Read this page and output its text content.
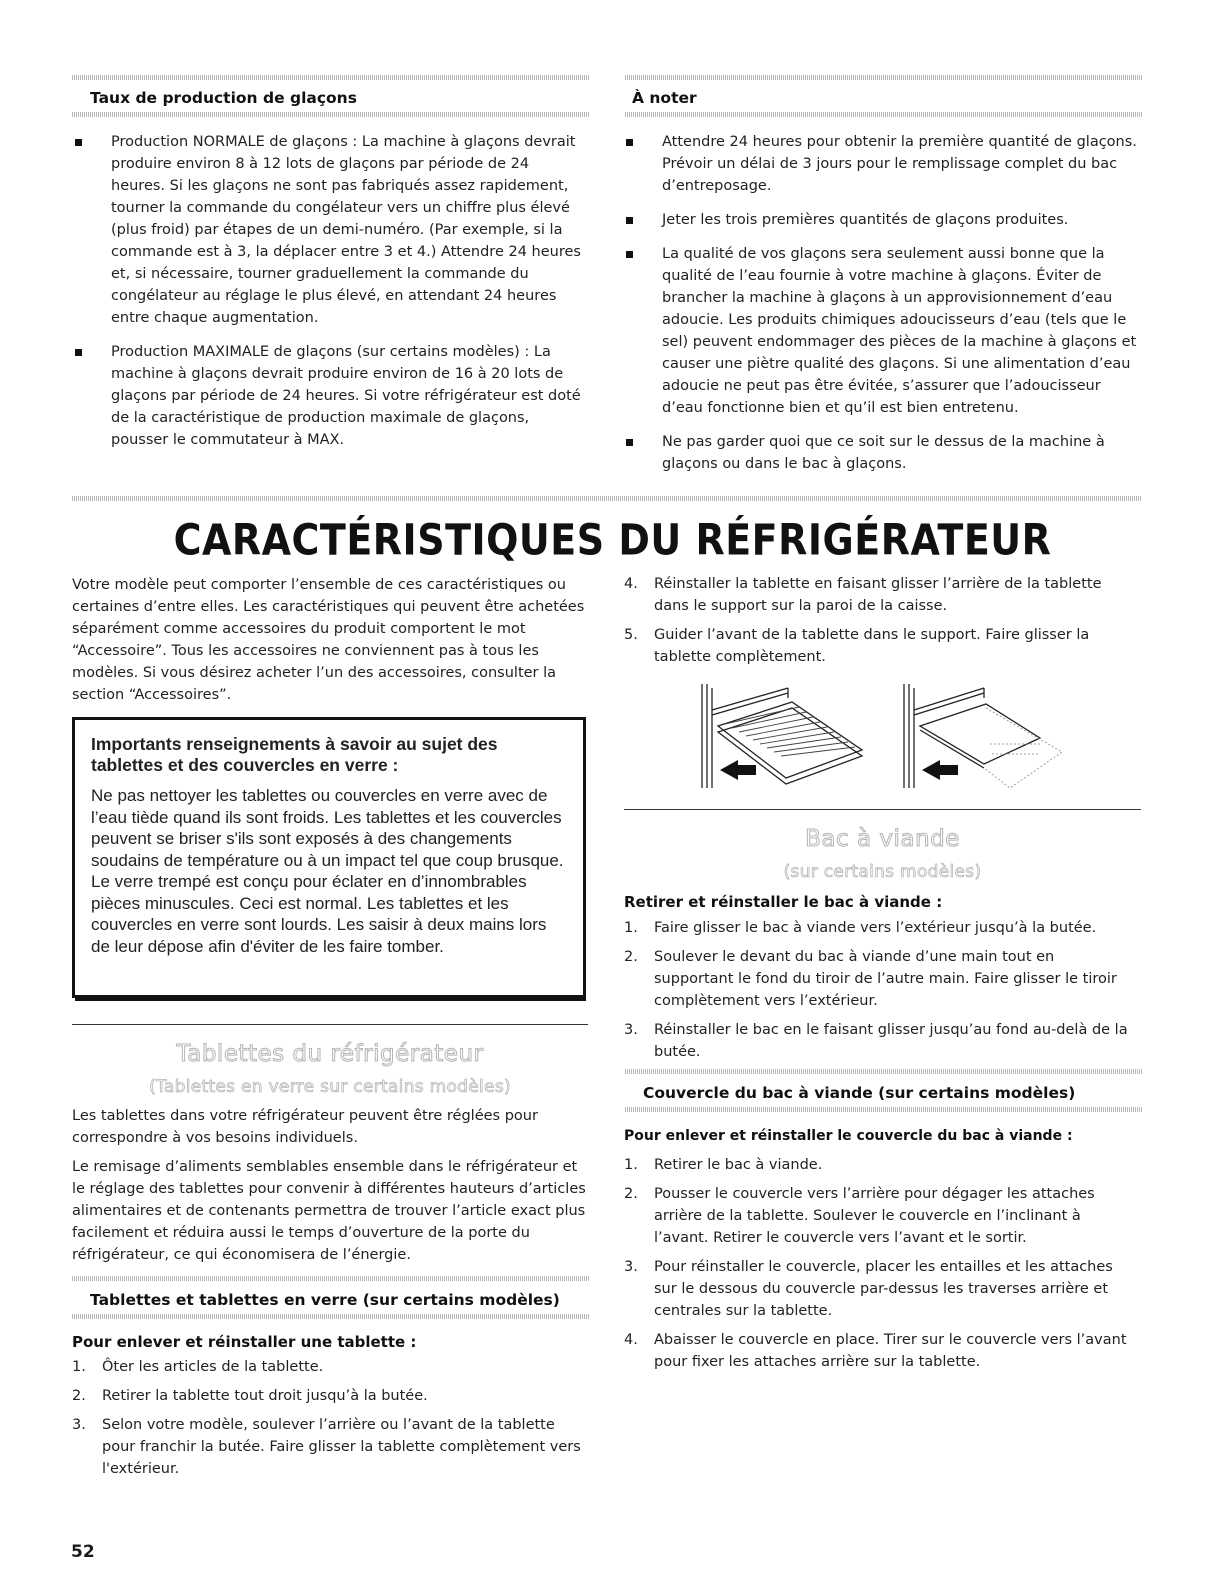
Taux de production de glaçons
Production NORMALE de glaçons : La machine à glaçons devrait produire environ 8 à 12 lots de glaçons par période de 24 heures. Si les glaçons ne sont pas fabriqués assez rapidement, tourner la commande du congélateur vers un chiffre plus élevé (plus froid) par étapes de un demi-numéro. (Par exemple, si la commande est à 3, la déplacer entre 3 et 4.) Attendre 24 heures et, si nécessaire, tourner graduellement la commande du congélateur au réglage le plus élevé, en attendant 24 heures entre chaque augmentation.
Production MAXIMALE de glaçons (sur certains modèles) : La machine à glaçons devrait produire environ de 16 à 20 lots de glaçons par période de 24 heures. Si votre réfrigérateur est doté de la caractéristique de production maximale de glaçons, pousser le commutateur à MAX.
À noter
Attendre 24 heures pour obtenir la première quantité de glaçons. Prévoir un délai de 3 jours pour le remplissage complet du bac d’entreposage.
Jeter les trois premières quantités de glaçons produites.
La qualité de vos glaçons sera seulement aussi bonne que la qualité de l’eau fournie à votre machine à glaçons. Éviter de brancher la machine à glaçons à un approvisionnement d’eau adoucie. Les produits chimiques adoucisseurs d’eau (tels que le sel) peuvent endommager des pièces de la machine à glaçons et causer une piètre qualité des glaçons. Si une alimentation d’eau adoucie ne peut pas être évitée, s’assurer que l’adoucisseur d’eau fonctionne bien et qu’il est bien entretenu.
Ne pas garder quoi que ce soit sur le dessus de la machine à glaçons ou dans le bac à glaçons.
CARACTÉRISTIQUES DU RÉFRIGÉRATEUR

Votre modèle peut comporter l’ensemble de ces caractéristiques ou certaines d’entre elles. Les caractéristiques qui peuvent être achetées séparément comme accessoires du produit comportent le mot “Accessoire”. Tous les accessoires ne conviennent pas à tous les modèles. Si vous désirez acheter l’un des accessoires, consulter la section “Accessoires”.

Importants renseignements à savoir au sujet des tablettes et des couvercles en verre :
Ne pas nettoyer les tablettes ou couvercles en verre avec de l’eau tiède quand ils sont froids. Les tablettes et les couvercles peuvent se briser s'ils sont exposés à des changements soudains de température ou à un impact tel que coup brusque. Le verre trempé est conçu pour éclater en d’innombrables pièces minuscules. Ceci est normal. Les tablettes et les couvercles en verre sont lourds. Les saisir à deux mains lors de leur dépose afin d'éviter de les faire tomber.
Tablettes du réfrigérateur
(Tablettes en verre sur certains modèles)

Les tablettes dans votre réfrigérateur peuvent être réglées pour correspondre à vos besoins individuels.

Le remisage d’aliments semblables ensemble dans le réfrigérateur et le réglage des tablettes pour convenir à différentes hauteurs d’articles alimentaires et de contenants permettra de trouver l’article exact plus facilement et réduira aussi le temps d’ouverture de la porte du réfrigérateur, ce qui économisera de l’énergie.

Tablettes et tablettes en verre (sur certains modèles)
Pour enlever et réinstaller une tablette :
1. Ôter les articles de la tablette.
2. Retirer la tablette tout droit jusqu’à la butée.
3. Selon votre modèle, soulever l’arrière ou l’avant de la tablette pour franchir la butée. Faire glisser la tablette complètement vers l'extérieur.
52
4. Réinstaller la tablette en faisant glisser l’arrière de la tablette dans le support sur la paroi de la caisse.
5. Guider l’avant de la tablette dans le support. Faire glisser la tablette complètement.
Bac à viande
(sur certains modèles)
Retirer et réinstaller le bac à viande :
1. Faire glisser le bac à viande vers l’extérieur jusqu’à la butée.
2. Soulever le devant du bac à viande d’une main tout en supportant le fond du tiroir de l’autre main. Faire glisser le tiroir complètement vers l’extérieur.
3. Réinstaller le bac en le faisant glisser jusqu’au fond au-delà de la butée.
Couvercle du bac à viande (sur certains modèles)
Pour enlever et réinstaller le couvercle du bac à viande :
1. Retirer le bac à viande.
2. Pousser le couvercle vers l’arrière pour dégager les attaches arrière de la tablette. Soulever le couvercle en l’inclinant à l’avant. Retirer le couvercle vers l’avant et le sortir.
3. Pour réinstaller le couvercle, placer les entailles et les attaches sur le dessous du couvercle par-dessus les traverses arrière et centrales sur la tablette.
4. Abaisser le couvercle en place. Tirer sur le couvercle vers l’avant pour fixer les attaches arrière sur la tablette.
